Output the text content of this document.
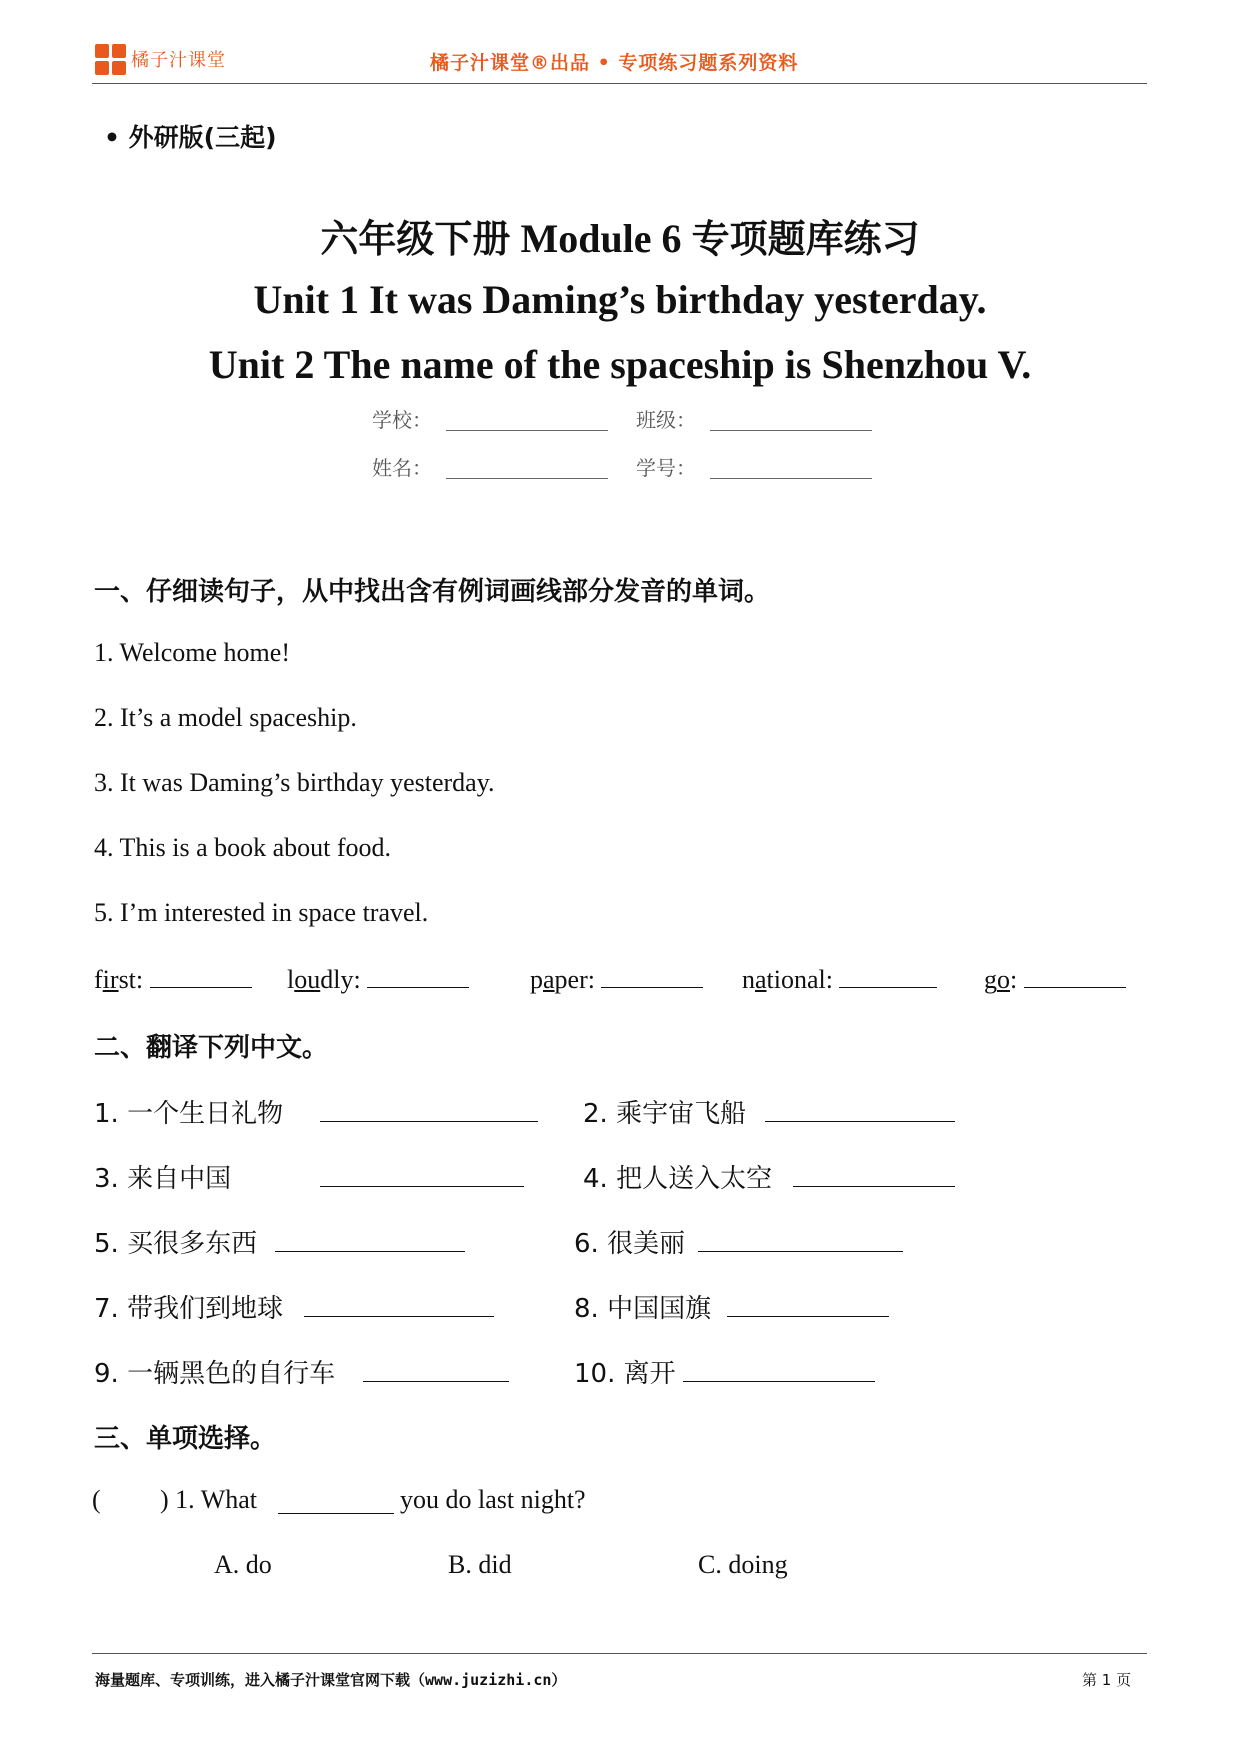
橘子汁课堂	橘子汁课堂®出品 • 专项练习题系列资料
• 外研版(三起)
六年级下册 Module 6 专项题库练习
Unit 1 It was Daming’s birthday yesterday.
Unit 2 The name of the spaceship is Shenzhou V.
学校：	班级：
姓名：	学号：
一、仔细读句子，从中找出含有例词画线部分发音的单词。
1. Welcome home!
2. It’s a model spaceship.
3. It was Daming’s birthday yesterday.
4. This is a book about food.
5. I’m interested in space travel.
first:	loudly:	paper:	national:	go:
二、翻译下列中文。
1. 一个生日礼物	2. 乘宇宙飞船
3. 来自中国	4. 把人送入太空
5. 买很多东西	6. 很美丽
7. 带我们到地球	8. 中国国旗
9. 一辆黑色的自行车	10. 离开
三、单项选择。
( ) 1. What	you do last night?
A. do	B. did	C. doing
海量题库、专项训练，进入橘子汁课堂官网下载（www.juzizhi.cn）	第 1 页
